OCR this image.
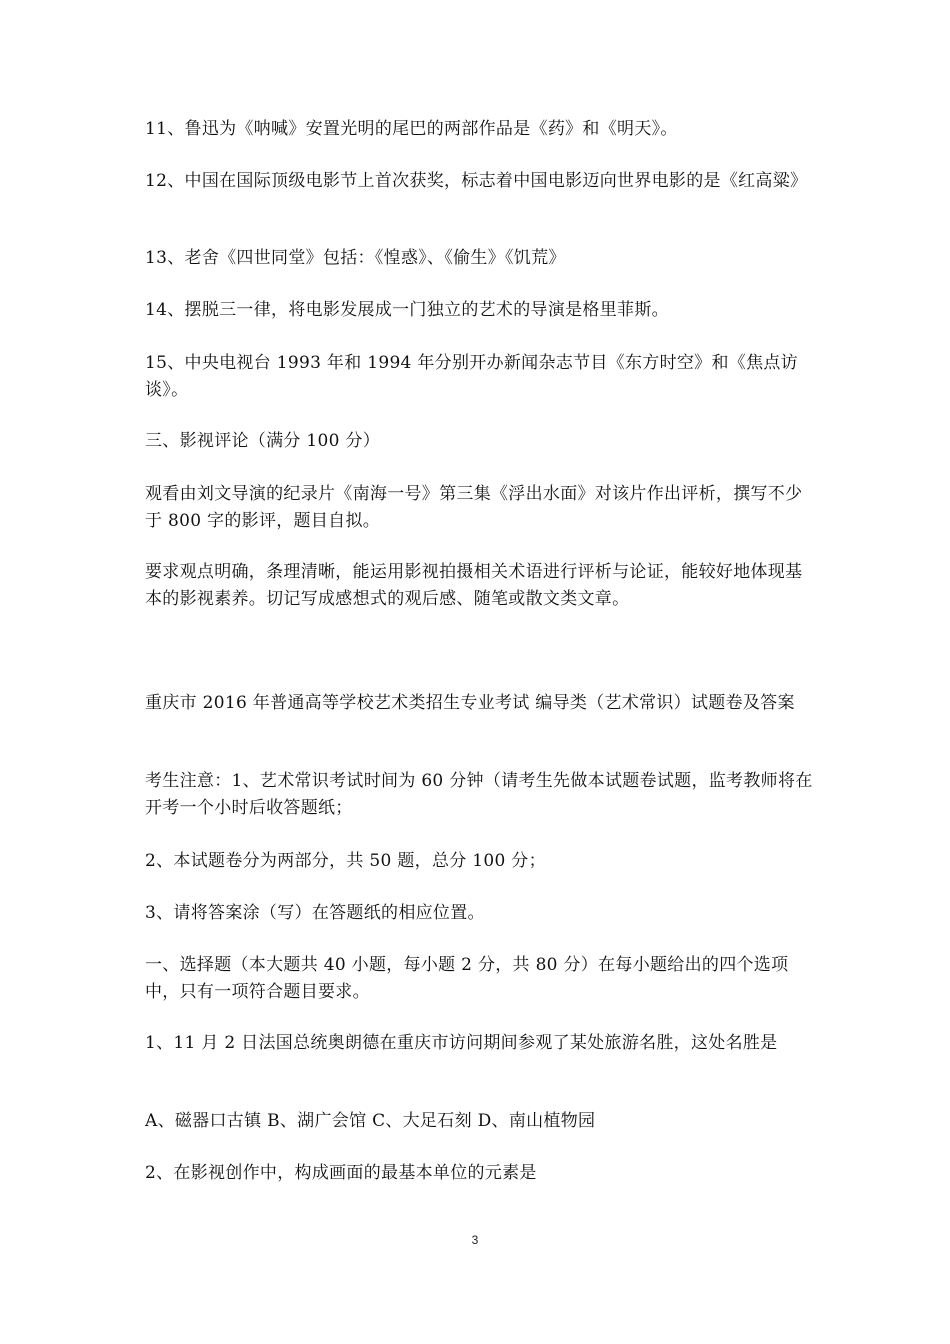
11、鲁迅为《呐喊》安置光明的尾巴的两部作品是《药》和《明天》。

12、中国在国际顶级电影节上首次获奖，标志着中国电影迈向世界电影的是《红高粱》

13、老舍《四世同堂》包括：《惶惑》、《偷生》《饥荒》

14、摆脱三一律，将电影发展成一门独立的艺术的导演是格里菲斯。

15、中央电视台 1993 年和 1994 年分别开办新闻杂志节目《东方时空》和《焦点访谈》。

三、影视评论（满分 100 分）

观看由刘文导演的纪录片《南海一号》第三集《浮出水面》对该片作出评析，撰写不少于 800 字的影评，题目自拟。

要求观点明确，条理清晰，能运用影视拍摄相关术语进行评析与论证，能较好地体现基本的影视素养。切记写成感想式的观后感、随笔或散文类文章。

重庆市 2016 年普通高等学校艺术类招生专业考试 编导类（艺术常识）试题卷及答案

考生注意：1、艺术常识考试时间为 60 分钟（请考生先做本试题卷试题，监考教师将在开考一个小时后收答题纸；

2、本试题卷分为两部分，共 50 题，总分 100 分；

3、请将答案涂（写）在答题纸的相应位置。

一、选择题（本大题共 40 小题，每小题 2 分，共 80 分）在每小题给出的四个选项中，只有一项符合题目要求。

1、11 月 2 日法国总统奥朗德在重庆市访问期间参观了某处旅游名胜，这处名胜是

A、磁器口古镇 B、湖广会馆 C、大足石刻 D、南山植物园

2、在影视创作中，构成画面的最基本单位的元素是

3
